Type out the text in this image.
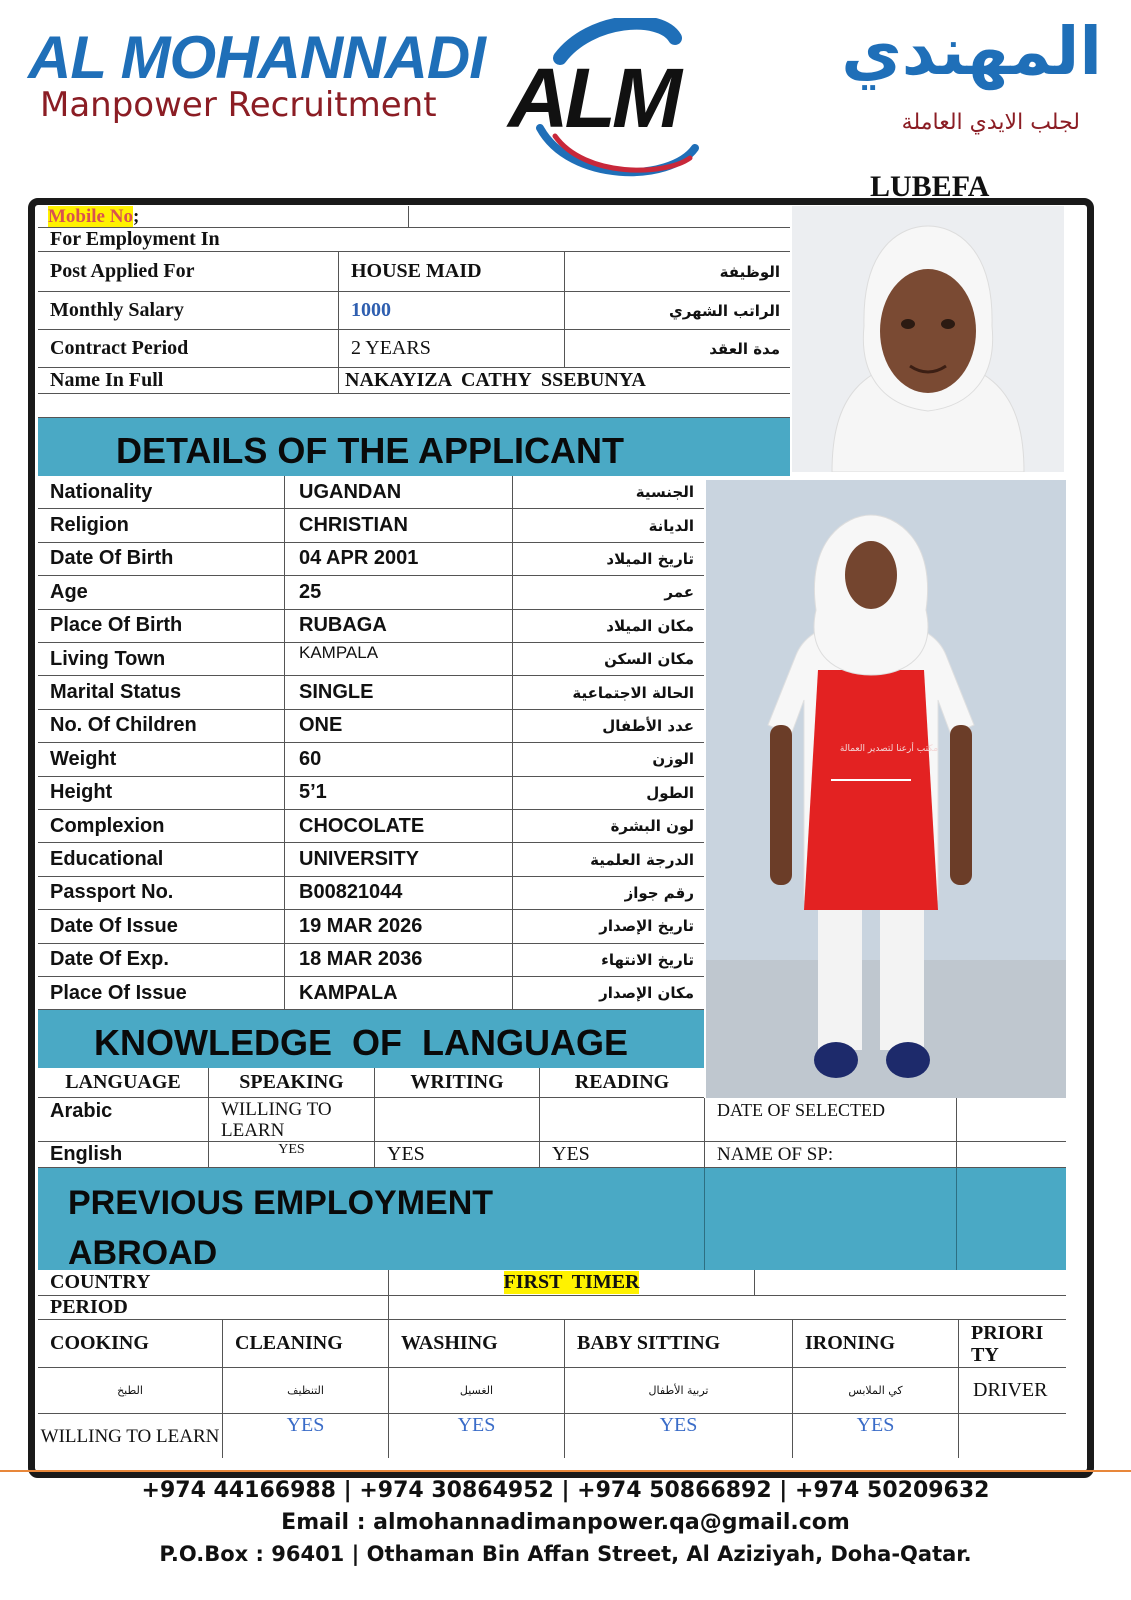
AL MOHANNADI
Manpower Recruitment ALM	المهندي
لجلب الايدي العاملة
LUBEFA
Mobile No ;
For Employment In
Post Applied For	HOUSE MAID	الوظيفة
Monthly Salary	1000	الراتب الشهري
Contract Period	2 YEARS	مدة العقد
Name In Full	NAKAYIZA  CATHY  SSEBUNYA
DETAILS OF THE APPLICANT
Nationality	UGANDAN	الجنسية
Religion	CHRISTIAN	الديانة
Date Of Birth	04 APR 2001	تاريخ الميلاد
Age	25	عمر
Place Of Birth	RUBAGA	مكان الميلاد
Living Town	KAMPALA	مكان السكن
Marital Status	SINGLE	الحالة الاجتماعية
No. Of Children	ONE	عدد الأطفال
Weight	60	الوزن
Height	5’1	الطول
Complexion	CHOCOLATE	لون البشرة
Educational	UNIVERSITY	الدرجة العلمية
Passport No.	B00821044	رقم جواز
Date Of Issue	19 MAR 2026	تاريخ الإصدار
Date Of Exp.	18 MAR 2036	تاريخ الانتهاء
Place Of Issue	KAMPALA	مكان الإصدار
مكتب أرعنا لتصدير العمالة
KNOWLEDGE  OF  LANGUAGE
LANGUAGE	SPEAKING	WRITING	READING
Arabic	WILLING TO LEARN
DATE OF SELECTED
English	YES	YES	YES	NAME OF SP:
PREVIOUS EMPLOYMENT
ABROAD
COUNTRY	FIRST  TIMER
PERIOD
COOKING	CLEANING	WASHING	BABY SITTING	IRONING	PRIORI TY
الطبخ	التنظيف	الغسيل	تربية الأطفال	كي الملابس	DRIVER
WILLING TO LEARN	YES	YES	YES	YES
+974 44166988 | +974 30864952 | +974 50866892 | +974 50209632
Email : almohannadimanpower.qa@gmail.com
P.O.Box : 96401 | Othaman Bin Affan Street, Al Aziziyah, Doha-Qatar.
